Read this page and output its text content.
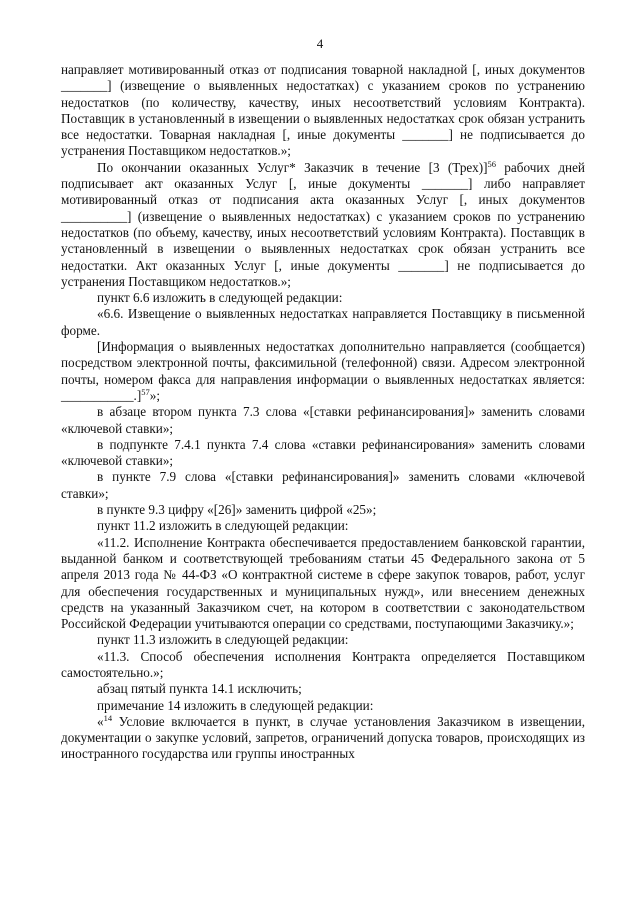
4

направляет мотивированный отказ от подписания товарной накладной [, иных документов _______] (извещение о выявленных недостатках) с указанием сроков по устранению недостатков (по количеству, качеству, иных несоответствий условиям Контракта). Поставщик в установленный в извещении о выявленных недостатках срок обязан устранить все недостатки. Товарная накладная [, иные документы _______] не подписывается до устранения Поставщиком недостатков.»;

По окончании оказанных Услуг* Заказчик в течение [3 (Трех)]$^{56}$ рабочих дней подписывает акт оказанных Услуг [, иные документы _______] либо направляет мотивированный отказ от подписания акта оказанных Услуг [, иных документов __________] (извещение о выявленных недостатках) с указанием сроков по устранению недостатков (по объему, качеству, иных несоответствий условиям Контракта). Поставщик в установленный в извещении о выявленных недостатках срок обязан устранить все недостатки. Акт оказанных Услуг [, иные документы _______] не подписывается до устранения Поставщиком недостатков.»;

пункт 6.6 изложить в следующей редакции:

«6.6. Извещение о выявленных недостатках направляется Поставщику в письменной форме.

[Информация о выявленных недостатках дополнительно направляется (сообщается) посредством электронной почты, факсимильной (телефонной) связи. Адресом электронной почты, номером факса для направления информации о выявленных недостатках является: ___________.]$^{57}$»;

в абзаце втором пункта 7.3 слова «[ставки рефинансирования]» заменить словами «ключевой ставки»;

в подпункте 7.4.1 пункта 7.4 слова «ставки рефинансирования» заменить словами «ключевой ставки»;

в пункте 7.9 слова «[ставки рефинансирования]» заменить словами «ключевой ставки»;

в пункте 9.3 цифру «[26]» заменить цифрой «25»;

пункт 11.2 изложить в следующей редакции:

«11.2. Исполнение Контракта обеспечивается предоставлением банковской гарантии, выданной банком и соответствующей требованиям статьи 45 Федерального закона от 5 апреля 2013 года № 44-ФЗ «О контрактной системе в сфере закупок товаров, работ, услуг для обеспечения государственных и муниципальных нужд», или внесением денежных средств на указанный Заказчиком счет, на котором в соответствии с законодательством Российской Федерации учитываются операции со средствами, поступающими Заказчику.»;

пункт 11.3 изложить в следующей редакции:

«11.3. Способ обеспечения исполнения Контракта определяется Поставщиком самостоятельно.»;

абзац пятый пункта 14.1 исключить;

примечание 14 изложить в следующей редакции:

«$^{14}$ Условие включается в пункт, в случае установления Заказчиком в извещении, документации о закупке условий, запретов, ограничений допуска товаров, происходящих из иностранного государства или группы иностранных
